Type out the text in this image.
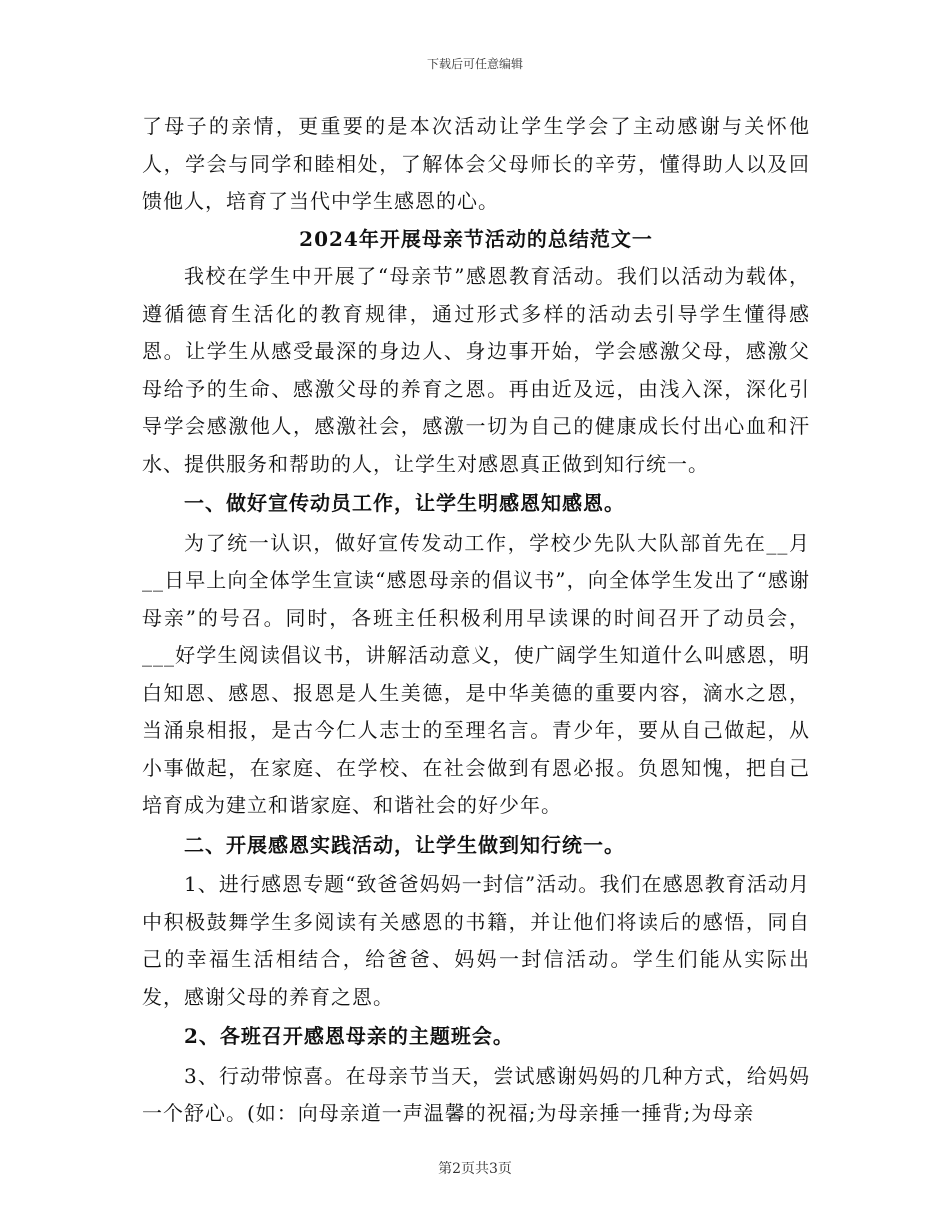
下载后可任意编辑

了母子的亲情，更重要的是本次活动让学生学会了主动感谢与关怀他人，学会与同学和睦相处，了解体会父母师长的辛劳，懂得助人以及回馈他人，培育了当代中学生感恩的心。

2024年开展母亲节活动的总结范文一

我校在学生中开展了“母亲节”感恩教育活动。我们以活动为载体，遵循德育生活化的教育规律，通过形式多样的活动去引导学生懂得感恩。让学生从感受最深的身边人、身边事开始，学会感激父母，感激父母给予的生命、感激父母的养育之恩。再由近及远，由浅入深，深化引导学会感激他人，感激社会，感激一切为自己的健康成长付出心血和汗水、提供服务和帮助的人，让学生对感恩真正做到知行统一。

一、做好宣传动员工作，让学生明感恩知感恩。

为了统一认识，做好宣传发动工作，学校少先队大队部首先在__月__日早上向全体学生宣读“感恩母亲的倡议书”，向全体学生发出了“感谢母亲”的号召。同时，各班主任积极利用早读课的时间召开了动员会，___好学生阅读倡议书，讲解活动意义，使广阔学生知道什么叫感恩，明白知恩、感恩、报恩是人生美德，是中华美德的重要内容，滴水之恩，当涌泉相报，是古今仁人志士的至理名言。青少年，要从自己做起，从小事做起，在家庭、在学校、在社会做到有恩必报。负恩知愧，把自己培育成为建立和谐家庭、和谐社会的好少年。

二、开展感恩实践活动，让学生做到知行统一。

1、进行感恩专题“致爸爸妈妈一封信”活动。我们在感恩教育活动月中积极鼓舞学生多阅读有关感恩的书籍，并让他们将读后的感悟，同自己的幸福生活相结合，给爸爸、妈妈一封信活动。学生们能从实际出发，感谢父母的养育之恩。

2、各班召开感恩母亲的主题班会。

3、行动带惊喜。在母亲节当天，尝试感谢妈妈的几种方式，给妈妈一个舒心。(如：向母亲道一声温馨的祝福;为母亲捶一捶背;为母亲

第2页共3页
